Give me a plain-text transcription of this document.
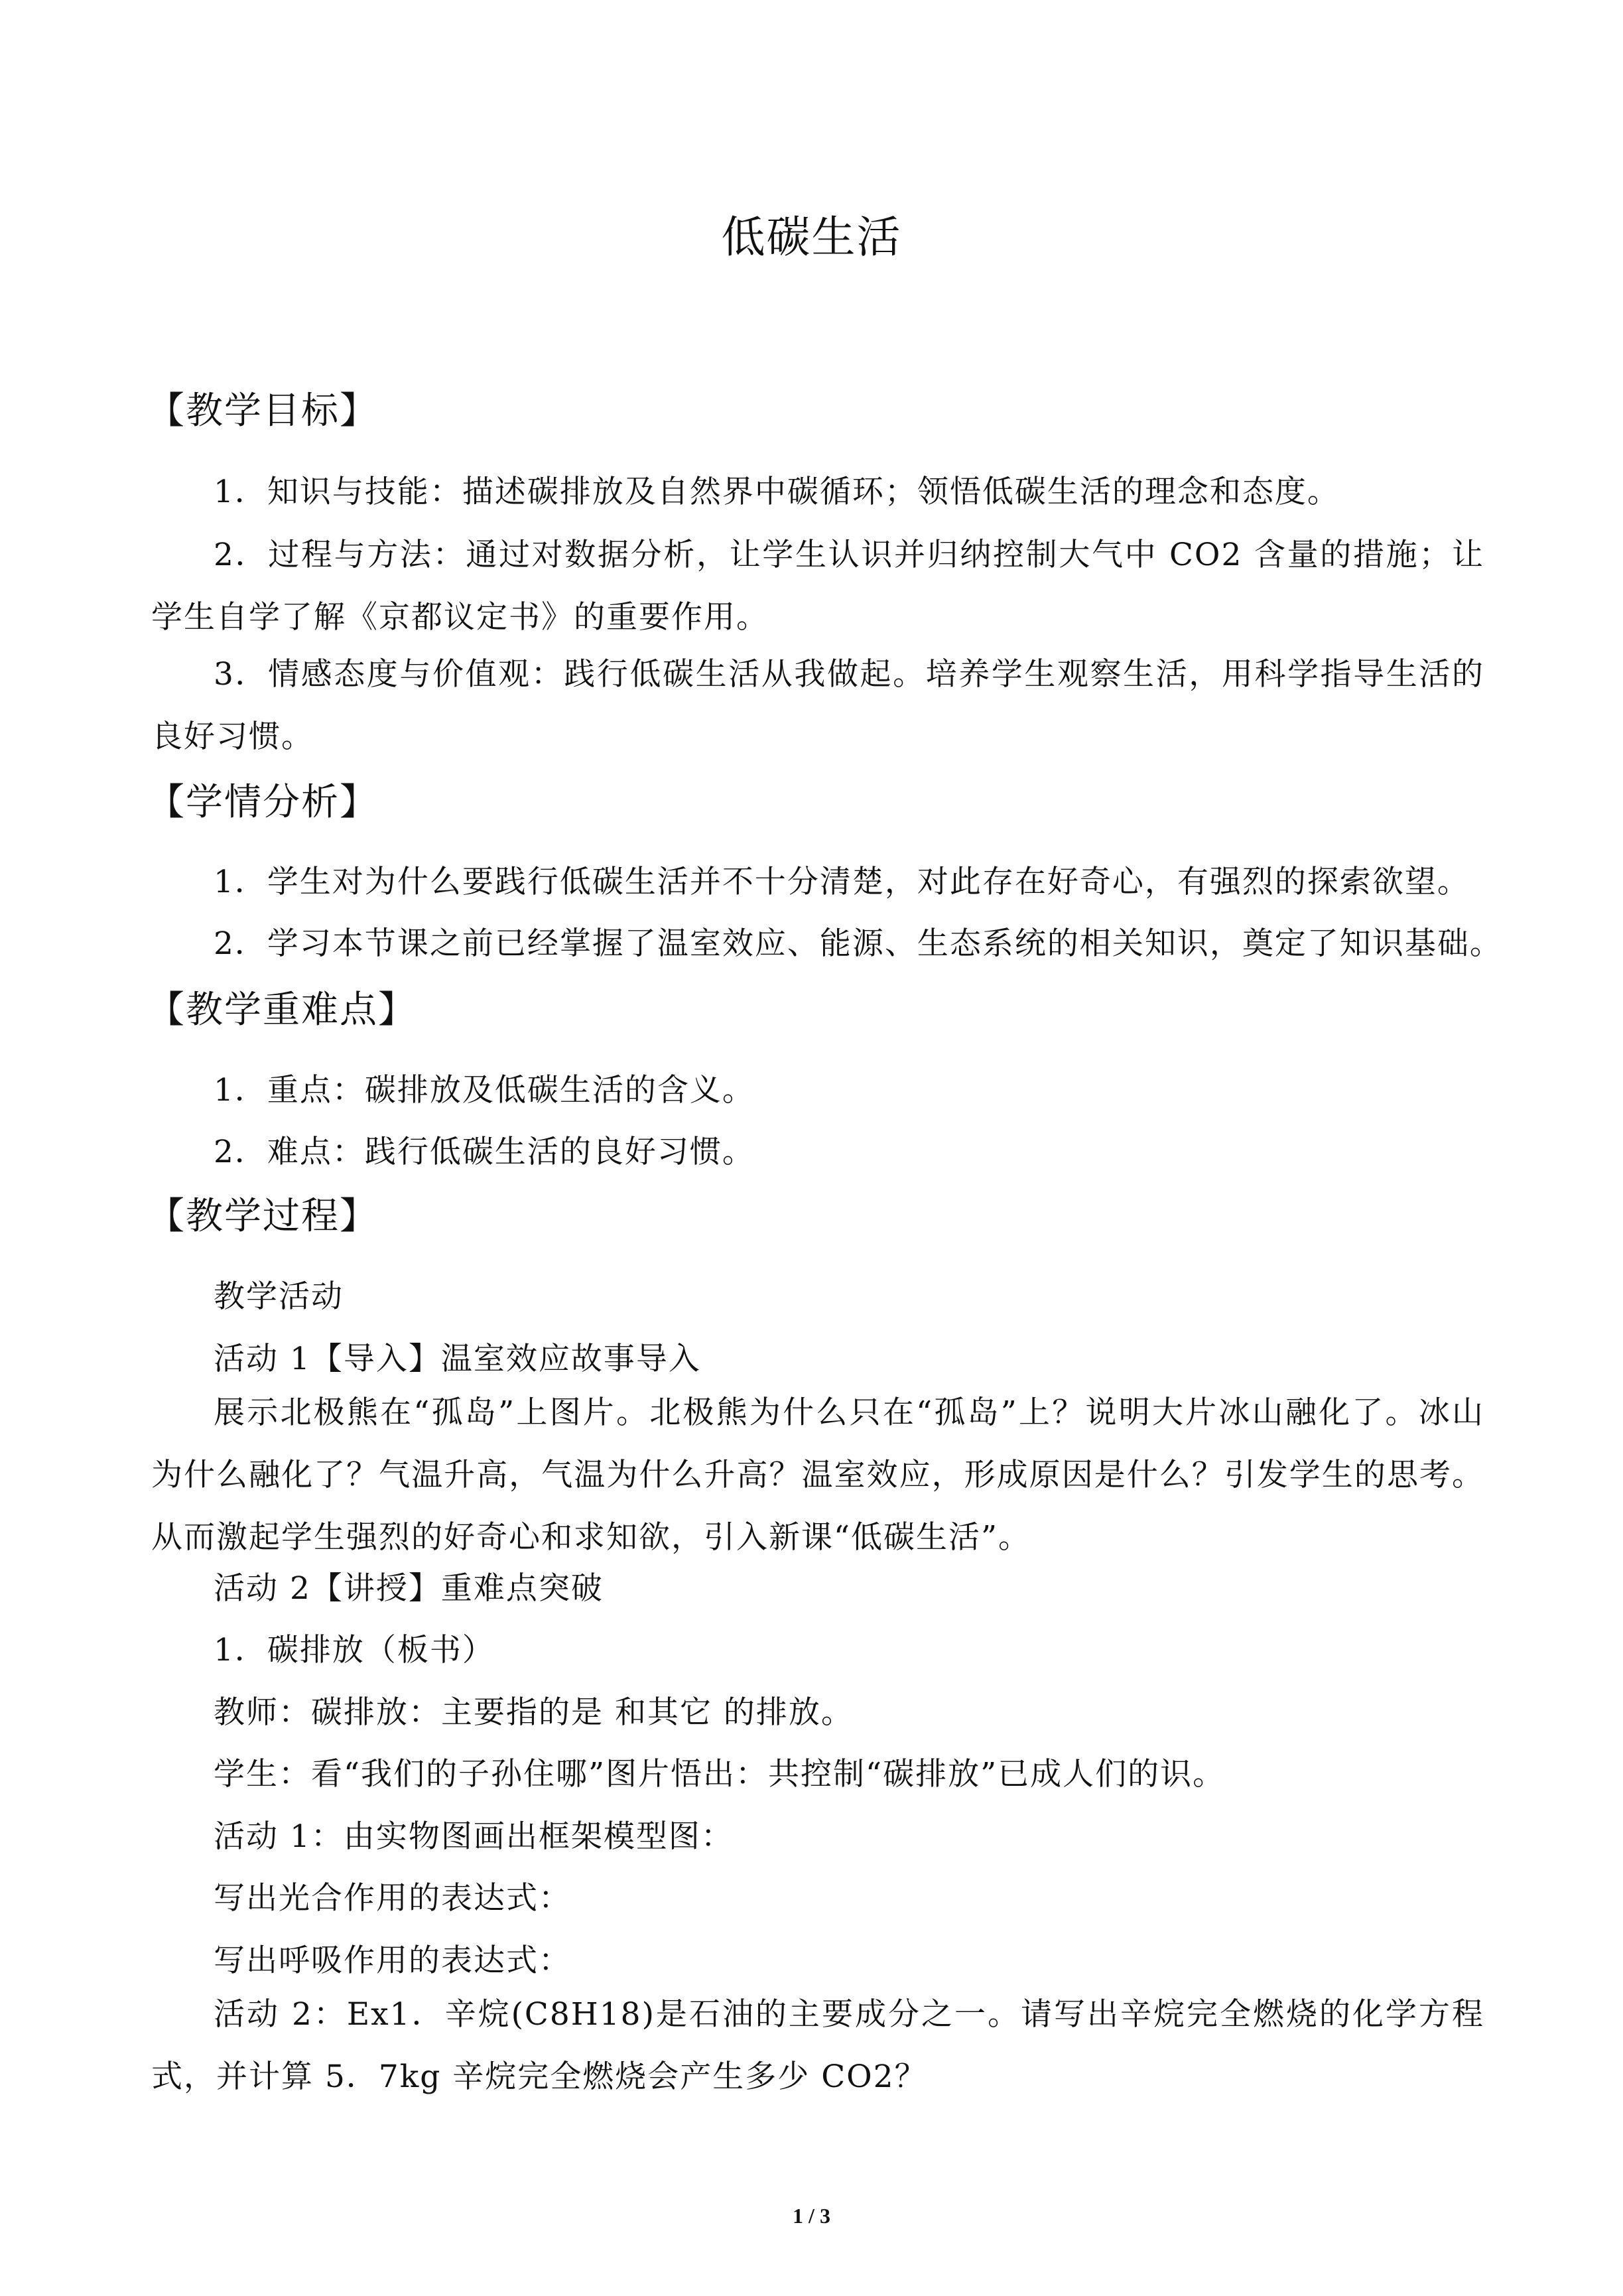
低碳生活
【教学目标】
1．知识与技能：描述碳排放及自然界中碳循环；领悟低碳生活的理念和态度。

2．过程与方法：通过对数据分析，让学生认识并归纳控制大气中 CO2 含量的措施；让学生自学了解《京都议定书》的重要作用。

3．情感态度与价值观：践行低碳生活从我做起。培养学生观察生活，用科学指导生活的良好习惯。

【学情分析】
1．学生对为什么要践行低碳生活并不十分清楚，对此存在好奇心，有强烈的探索欲望。
2．学习本节课之前已经掌握了温室效应、能源、生态系统的相关知识，奠定了知识基础。
【教学重难点】
1．重点：碳排放及低碳生活的含义。
2．难点：践行低碳生活的良好习惯。
【教学过程】
教学活动
活动 1【导入】温室效应故事导入

展示北极熊在“孤岛”上图片。北极熊为什么只在“孤岛”上？说明大片冰山融化了。冰山为什么融化了？气温升高，气温为什么升高？温室效应，形成原因是什么？引发学生的思考。从而激起学生强烈的好奇心和求知欲，引入新课“低碳生活”。

活动 2【讲授】重难点突破
1．碳排放（板书）
教师：碳排放：主要指的是 和其它 的排放。
学生：看“我们的子孙住哪”图片悟出：共控制“碳排放”已成人们的识。
活动 1：由实物图画出框架模型图：
写出光合作用的表达式：
写出呼吸作用的表达式：

活动 2：Ex1．辛烷(C8H18)是石油的主要成分之一。请写出辛烷完全燃烧的化学方程式，并计算 5．7kg 辛烷完全燃烧会产生多少 CO2？

1 / 3
